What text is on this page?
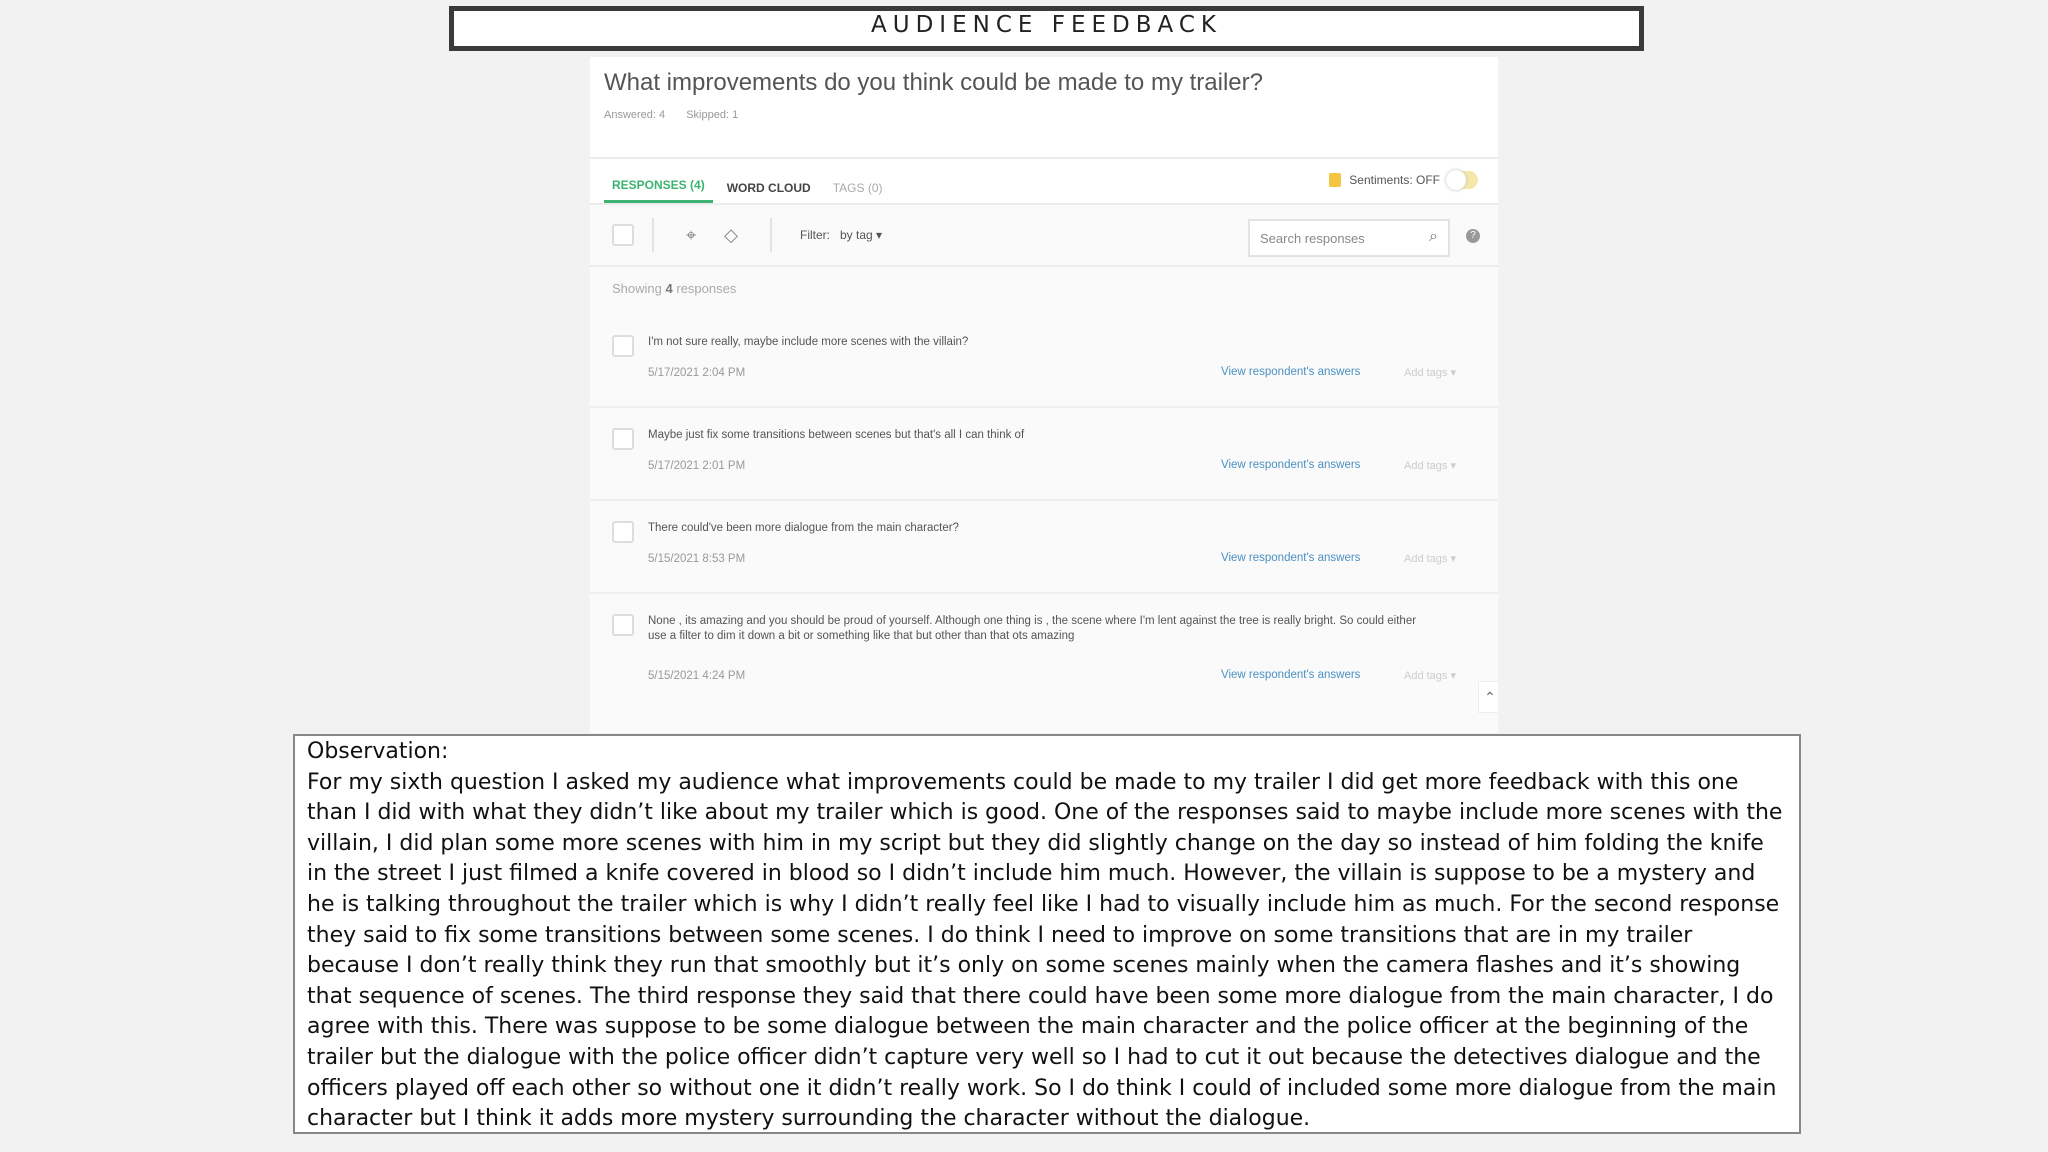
AUDIENCE FEEDBACK
What improvements do you think could be made to my trailer?
Answered: 4 Skipped: 1
RESPONSES (4)	WORD CLOUD	TAGS (0)
Sentiments: OFF
⌖ ◇	Filter: by tag ▾	Search responses	⌕	?
Showing 4 responses
I'm not sure really, maybe include more scenes with the villain?
5/17/2021 2:04 PM	View respondent's answers	Add tags ▾
Maybe just fix some transitions between scenes but that's all I can think of
5/17/2021 2:01 PM	View respondent's answers	Add tags ▾
There could've been more dialogue from the main character?
5/15/2021 8:53 PM	View respondent's answers	Add tags ▾
None , its amazing and you should be proud of yourself. Although one thing is , the scene where I'm lent against the tree is really bright. So could either use a filter to dim it down a bit or something like that but other than that ots amazing
5/15/2021 4:24 PM	View respondent's answers	Add tags ▾
⌃
Observation:
For my sixth question I asked my audience what improvements could be made to my trailer I did get more feedback with this one than I did with what they didn’t like about my trailer which is good. One of the responses said to maybe include more scenes with the villain, I did plan some more scenes with him in my script but they did slightly change on the day so instead of him folding the knife in the street I just filmed a knife covered in blood so I didn’t include him much. However, the villain is suppose to be a mystery and he is talking throughout the trailer which is why I didn’t really feel like I had to visually include him as much. For the second response they said to fix some transitions between some scenes. I do think I need to improve on some transitions that are in my trailer because I don’t really think they run that smoothly but it’s only on some scenes mainly when the camera flashes and it’s showing that sequence of scenes. The third response they said that there could have been some more dialogue from the main character, I do agree with this. There was suppose to be some dialogue between the main character and the police officer at the beginning of the trailer but the dialogue with the police officer didn’t capture very well so I had to cut it out because the detectives dialogue and the officers played off each other so without one it didn’t really work. So I do think I could of included some more dialogue from the main character but I think it adds more mystery surrounding the character without the dialogue.
